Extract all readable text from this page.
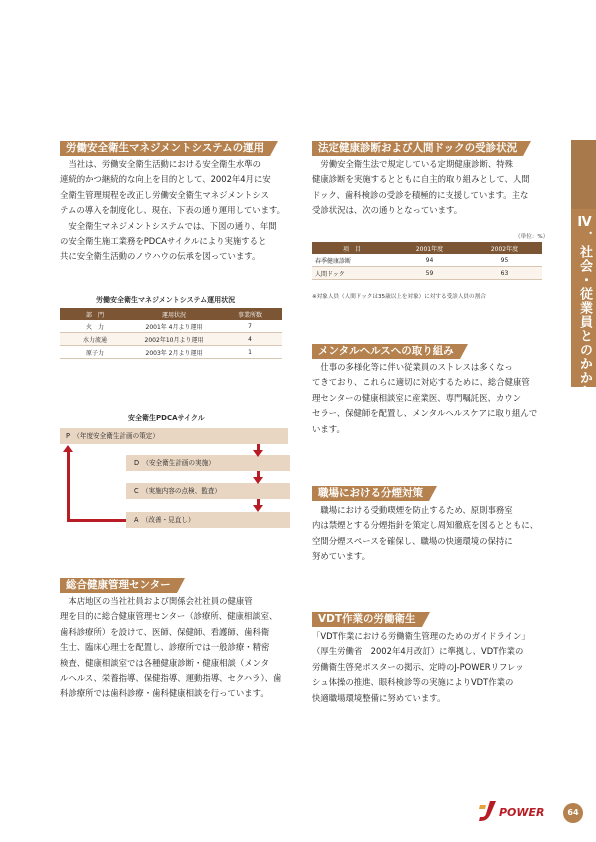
労働安全衛生マネジメントシステムの運用
　当社は、労働安全衛生活動における安全衛生水準の
連続的かつ継続的な向上を目的として、2002年4月に安
全衛生管理規程を改正し労働安全衛生マネジメントシス
テムの導入を制度化し、現在、下表の通り運用しています。
　安全衛生マネジメントシステムでは、下図の通り、年間
の安全衛生施工業務をPDCAサイクルにより実施すると
共に安全衛生活動のノウハウの伝承を図っています。
労働安全衛生マネジメントシステム運用状況
部　門	運用状況	事業所数
火　力	2001年 4月より運用	7
水力流通	2002年10月より運用	4
原子力	2003年 2月より運用	1
安全衛生PDCAサイクル
P　（年度安全衛生計画の策定）
D　（安全衛生計画の実施）
C　（実施内容の点検、監査）
A　（改善・見直し）
総合健康管理センター
　本店地区の当社社員および関係会社社員の健康管
理を目的に総合健康管理センター（診療所、健康相談室、
歯科診療所）を設けて、医師、保健師、看護師、歯科衛
生士、臨床心理士を配置し、診療所では一般診療・精密
検査、健康相談室では各種健康診断・健康相談（メンタ
ルヘルス、栄養指導、保健指導、運動指導、セクハラ）、歯
科診療所では歯科診療・歯科健康相談を行っています。
法定健康診断および人間ドックの受診状況
　労働安全衛生法で規定している定期健康診断、特殊
健康診断を実施するとともに自主的取り組みとして、人間
ドック、歯科検診の受診を積極的に支援しています。主な
受診状況は、次の通りとなっています。
（単位：%）
項　目	2001年度	2002年度
春季健康診断	94	95
人間ドック	59	63
※対象人員（人間ドックは35歳以上を対象）に対する受診人員の割合
メンタルヘルスへの取り組み
　仕事の多様化等に伴い従業員のストレスは多くなっ
てきており、これらに適切に対応するために、総合健康管
理センターの健康相談室に産業医、専門嘱託医、カウン
セラー、保健師を配置し、メンタルヘルスケアに取り組んで
います。
職場における分煙対策
　職場における受動喫煙を防止するため、原則事務室
内は禁煙とする分煙指針を策定し周知徹底を図るとともに、
空間分煙スペースを確保し、職場の快適環境の保持に
努めています。
VDT作業の労働衛生
「VDT作業における労働衛生管理のためのガイドライン」
（厚生労働省　2002年4月改訂）に準拠し、VDT作業の
労働衛生啓発ポスターの掲示、定時のJ-POWERリフレッ
シュ体操の推進、眼科検診等の実施によりVDT作業の
快適職場環境整備に努めています。
Ⅳ．社会・従業員とのかかわり
POWER	64
